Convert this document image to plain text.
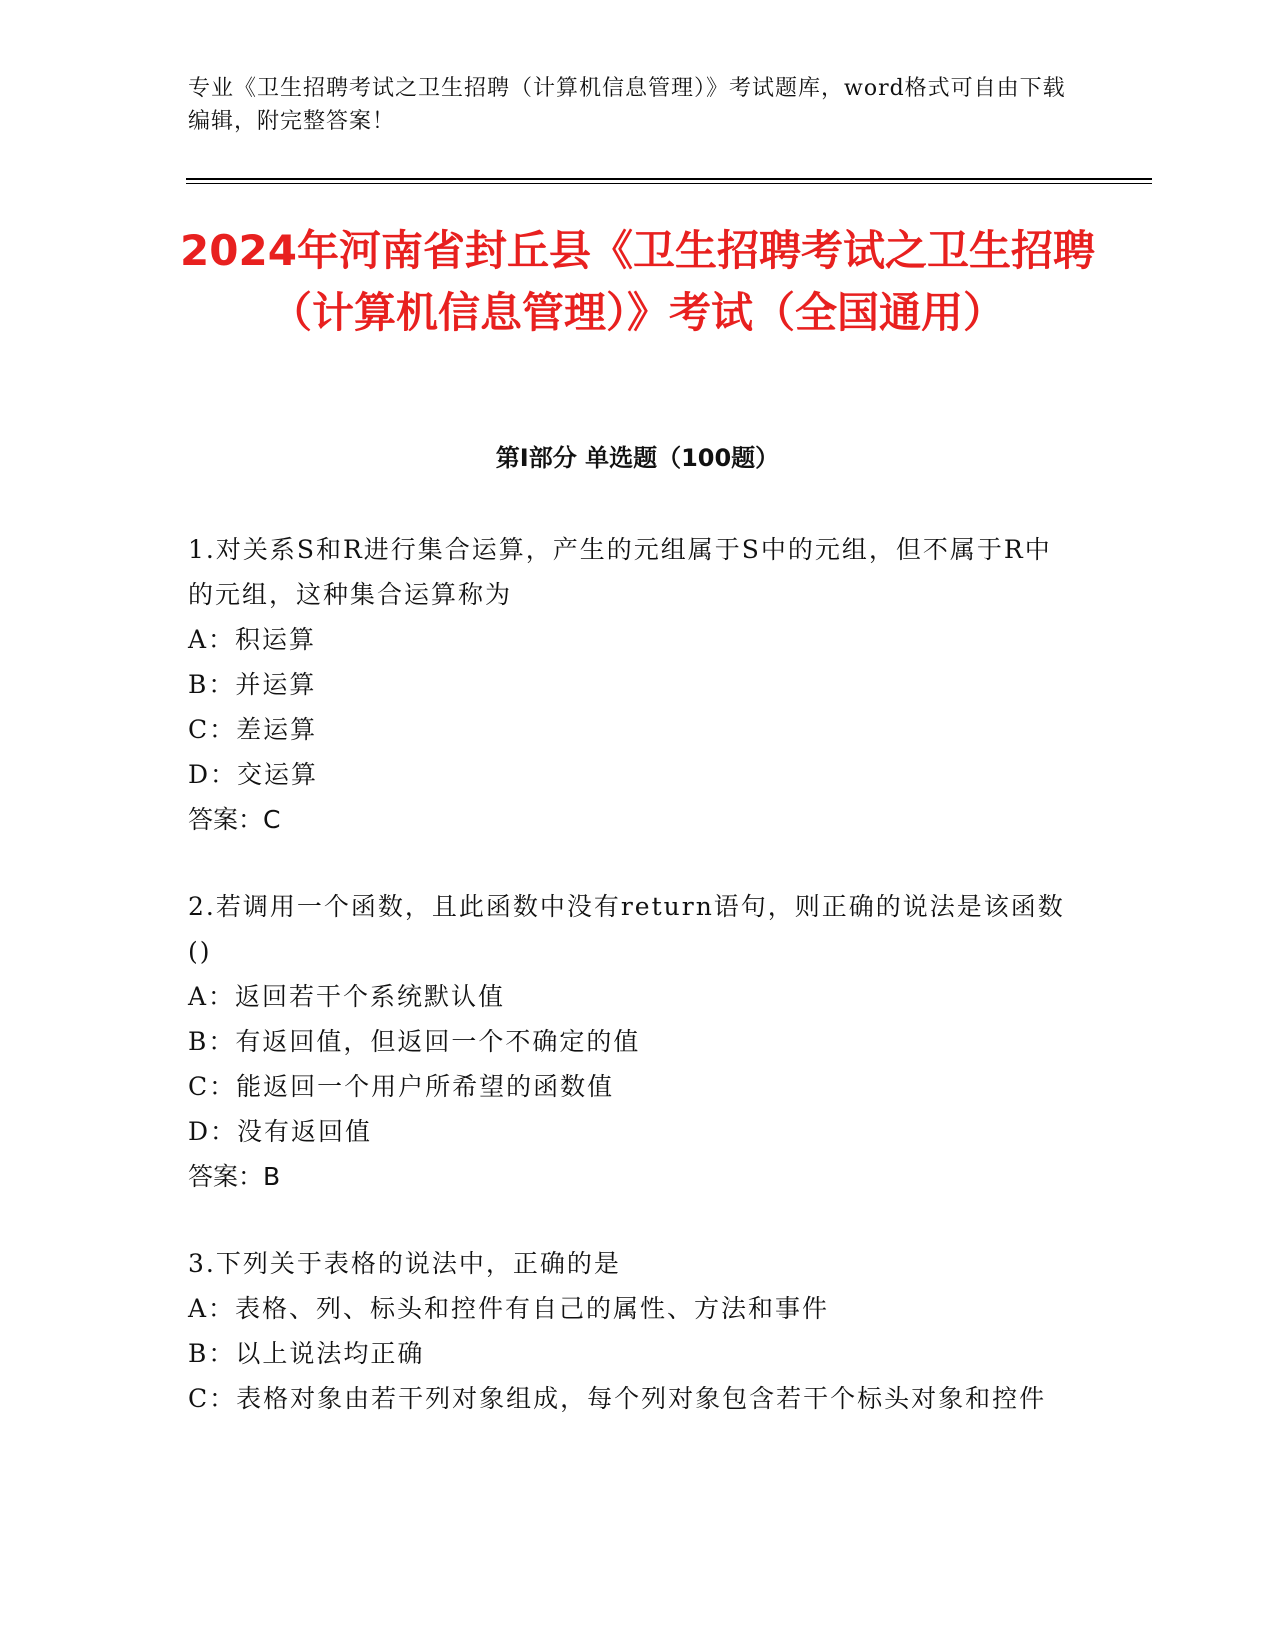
专业《卫生招聘考试之卫生招聘（计算机信息管理）》考试题库，word格式可自由下载编辑，附完整答案！
2024年河南省封丘县《卫生招聘考试之卫生招聘（计算机信息管理）》考试（全国通用）
第I部分 单选题（100题）
1.对关系S和R进行集合运算，产生的元组属于S中的元组，但不属于R中的元组，这种集合运算称为
A：积运算
B：并运算
C：差运算
D：交运算
答案：C
2.若调用一个函数，且此函数中没有return语句，则正确的说法是该函数()
A：返回若干个系统默认值
B：有返回值，但返回一个不确定的值
C：能返回一个用户所希望的函数值
D：没有返回值
答案：B
3.下列关于表格的说法中，正确的是
A：表格、列、标头和控件有自己的属性、方法和事件
B：以上说法均正确
C：表格对象由若干列对象组成，每个列对象包含若干个标头对象和控件
